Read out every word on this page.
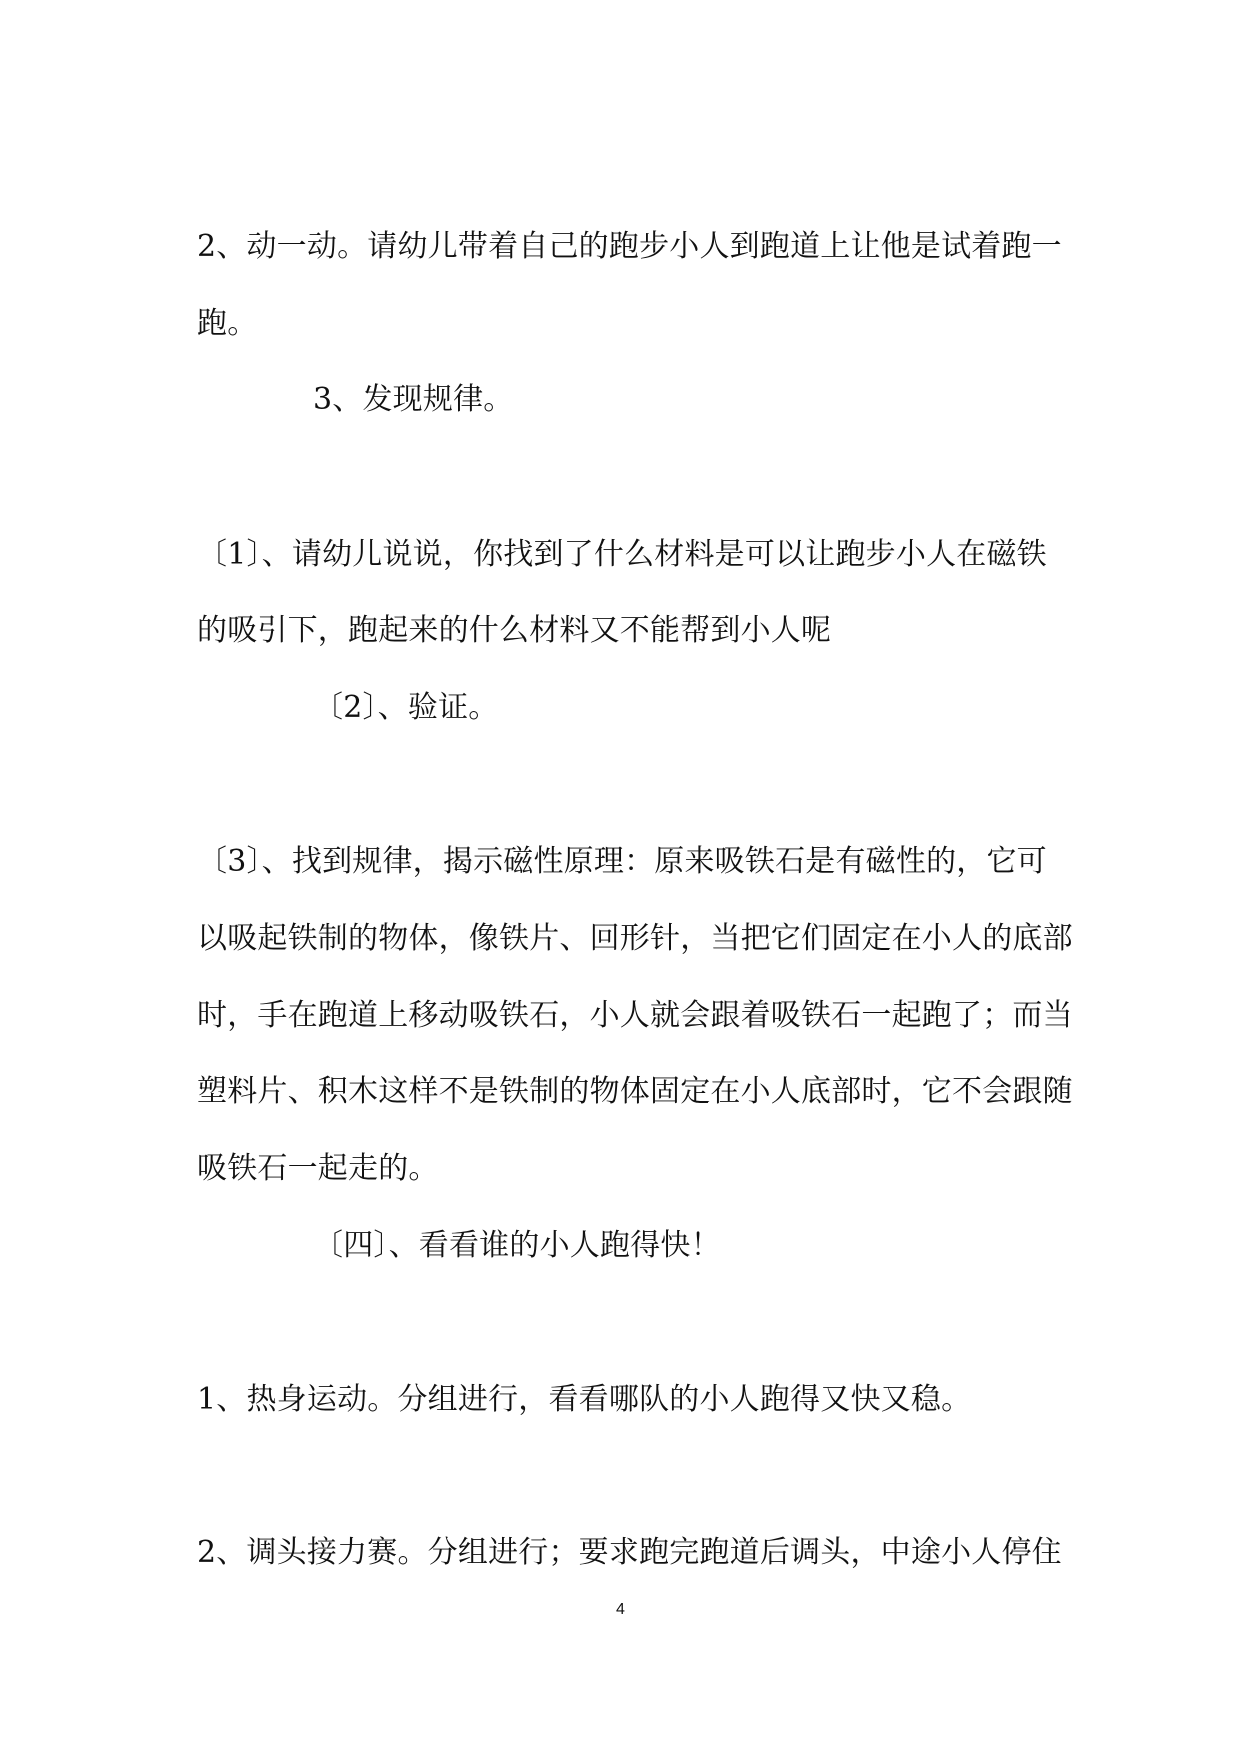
2、动一动。请幼儿带着自己的跑步小人到跑道上让他是试着跑一
跑。
3、发现规律。
〔1〕、请幼儿说说，你找到了什么材料是可以让跑步小人在磁铁
的吸引下，跑起来的什么材料又不能帮到小人呢
〔2〕、验证。
〔3〕、找到规律，揭示磁性原理：原来吸铁石是有磁性的，它可
以吸起铁制的物体，像铁片、回形针，当把它们固定在小人的底部
时，手在跑道上移动吸铁石，小人就会跟着吸铁石一起跑了；而当
塑料片、积木这样不是铁制的物体固定在小人底部时，它不会跟随
吸铁石一起走的。
〔四〕、看看谁的小人跑得快！
1、热身运动。分组进行，看看哪队的小人跑得又快又稳。
2、调头接力赛。分组进行；要求跑完跑道后调头，中途小人停住
4
